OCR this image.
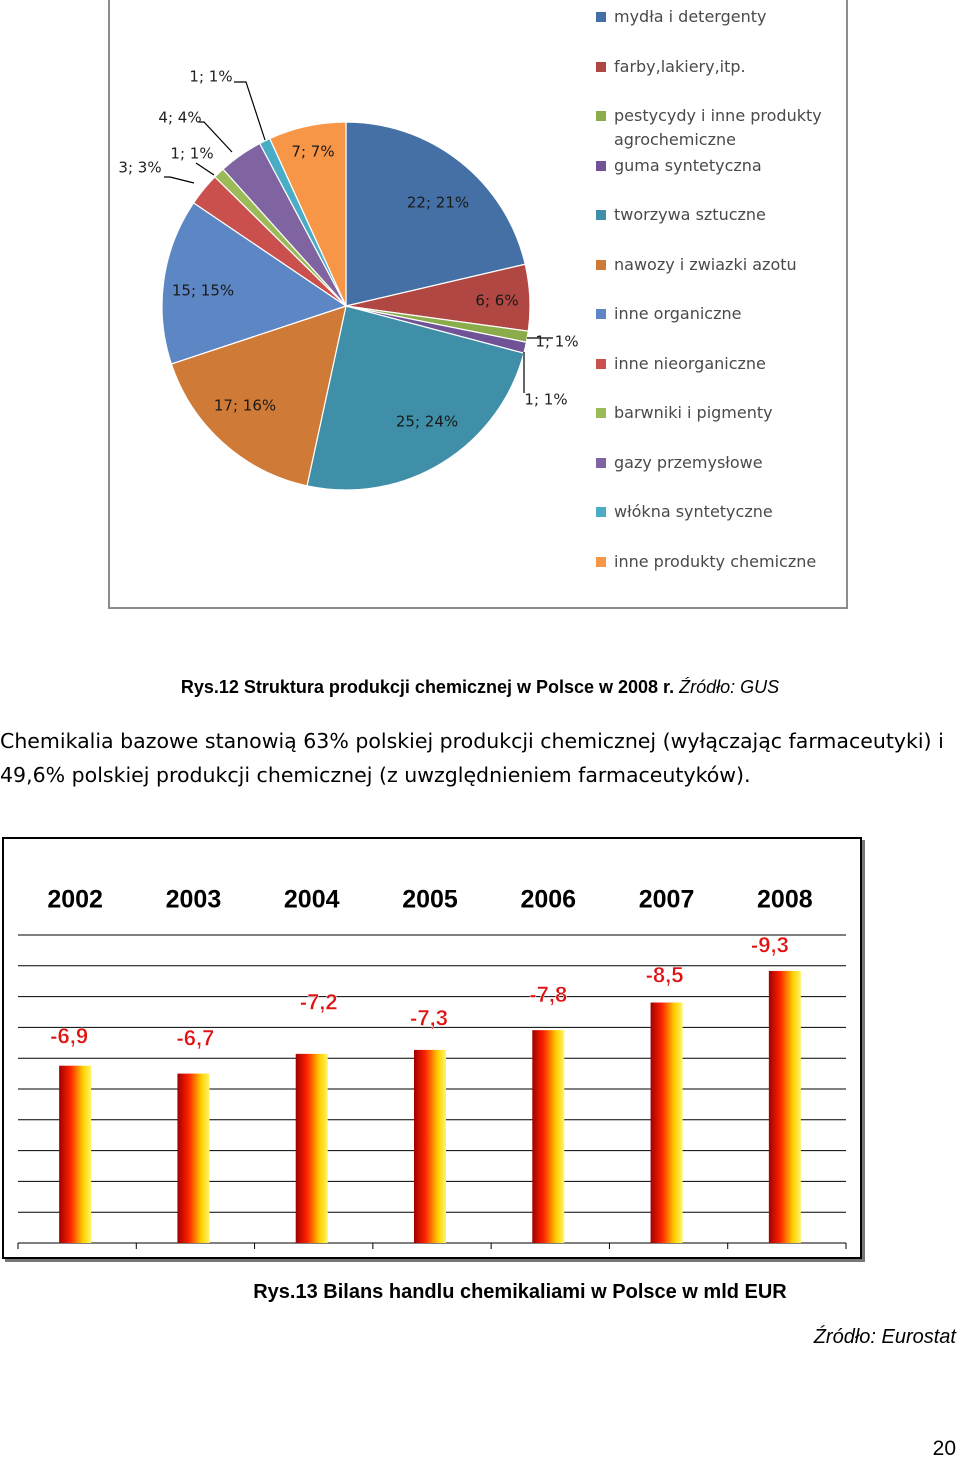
22; 21%
6; 6%
1; 1%
1; 1%
25; 24%
17; 16%
15; 15%
3; 3%
1; 1%
4; 4%
1; 1%
7; 7%
mydła i detergenty
farby,lakiery,itp.
pestycydy i inne produkty agrochemiczne
guma syntetyczna
tworzywa sztuczne
nawozy i zwiazki azotu
inne organiczne
inne nieorganiczne
barwniki i pigmenty
gazy przemysłowe
włókna syntetyczne
inne produkty chemiczne
Rys.12 Struktura produkcji chemicznej w Polsce w 2008 r. Źródło: GUS
Chemikalia bazowe stanowią 63% polskiej produkcji chemicznej (wyłączając farmaceutyki) i
49,6% polskiej produkcji chemicznej (z uwzględnieniem farmaceutyków).
2002
-6,9
2003
-6,7
2004
-7,2
2005
-7,3
2006
-7,8
2007
-8,5
2008
-9,3
Rys.13 Bilans handlu chemikaliami w Polsce w mld EUR
Źródło: Eurostat
20
